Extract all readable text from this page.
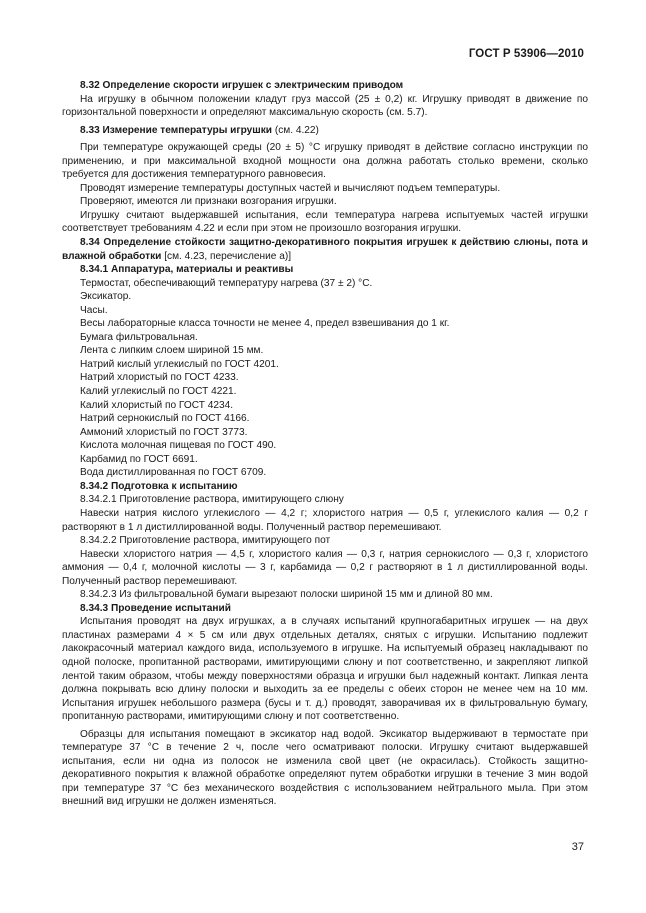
ГОСТ Р 53906—2010

8.32 Определение скорости игрушек с электрическим приводом

На игрушку в обычном положении кладут груз массой (25 ± 0,2) кг. Игрушку приводят в движение по горизонтальной поверхности и определяют максимальную скорость (см. 5.7).

8.33 Измерение температуры игрушки (см. 4.22)

При температуре окружающей среды (20 ± 5) °С игрушку приводят в действие согласно инструкции по применению, и при максимальной входной мощности она должна работать столько времени, сколько требуется для достижения температурного равновесия.

Проводят измерение температуры доступных частей и вычисляют подъем температуры.

Проверяют, имеются ли признаки возгорания игрушки.

Игрушку считают выдержавшей испытания, если температура нагрева испытуемых частей игрушки соответствует требованиям 4.22 и если при этом не произошло возгорания игрушки.

8.34 Определение стойкости защитно-декоративного покрытия игрушек к действию слюны, пота и влажной обработки [см. 4.23, перечисление а)]

8.34.1 Аппаратура, материалы и реактивы

Термостат, обеспечивающий температуру нагрева (37 ± 2) °С.

Эксикатор.

Часы.

Весы лабораторные класса точности не менее 4, предел взвешивания до 1 кг.

Бумага фильтровальная.

Лента с липким слоем шириной 15 мм.

Натрий кислый углекислый по ГОСТ 4201.

Натрий хлористый по ГОСТ 4233.

Калий углекислый по ГОСТ 4221.

Калий хлористый по ГОСТ 4234.

Натрий сернокислый по ГОСТ 4166.

Аммоний хлористый по ГОСТ 3773.

Кислота молочная пищевая по ГОСТ 490.

Карбамид по ГОСТ 6691.

Вода дистиллированная по ГОСТ 6709.

8.34.2 Подготовка к испытанию

8.34.2.1 Приготовление раствора, имитирующего слюну

Навески натрия кислого углекислого — 4,2 г; хлористого натрия — 0,5 г, углекислого калия — 0,2 г растворяют в 1 л дистиллированной воды. Полученный раствор перемешивают.

8.34.2.2 Приготовление раствора, имитирующего пот

Навески хлористого натрия — 4,5 г, хлористого калия — 0,3 г, натрия сернокислого — 0,3 г, хлористого аммония — 0,4 г, молочной кислоты — 3 г, карбамида — 0,2 г растворяют в 1 л дистиллированной воды. Полученный раствор перемешивают.

8.34.2.3 Из фильтровальной бумаги вырезают полоски шириной 15 мм и длиной 80 мм.

8.34.3 Проведение испытаний

Испытания проводят на двух игрушках, а в случаях испытаний крупногабаритных игрушек — на двух пластинах размерами 4 × 5 см или двух отдельных деталях, снятых с игрушки. Испытанию подлежит лакокрасочный материал каждого вида, используемого в игрушке. На испытуемый образец накладывают по одной полоске, пропитанной растворами, имитирующими слюну и пот соответственно, и закрепляют липкой лентой таким образом, чтобы между поверхностями образца и игрушки был надежный контакт. Липкая лента должна покрывать всю длину полоски и выходить за ее пределы с обеих сторон не менее чем на 10 мм. Испытания игрушек небольшого размера (бусы и т. д.) проводят, заворачивая их в фильтровальную бумагу, пропитанную растворами, имитирующими слюну и пот соответственно.

Образцы для испытания помещают в эксикатор над водой. Эксикатор выдерживают в термостате при температуре 37 °С в течение 2 ч, после чего осматривают полоски. Игрушку считают выдержавшей испытания, если ни одна из полосок не изменила свой цвет (не окрасилась). Стойкость защитно-декоративного покрытия к влажной обработке определяют путем обработки игрушки в течение 3 мин водой при температуре 37 °С без механического воздействия с использованием нейтрального мыла. При этом внешний вид игрушки не должен изменяться.

37
